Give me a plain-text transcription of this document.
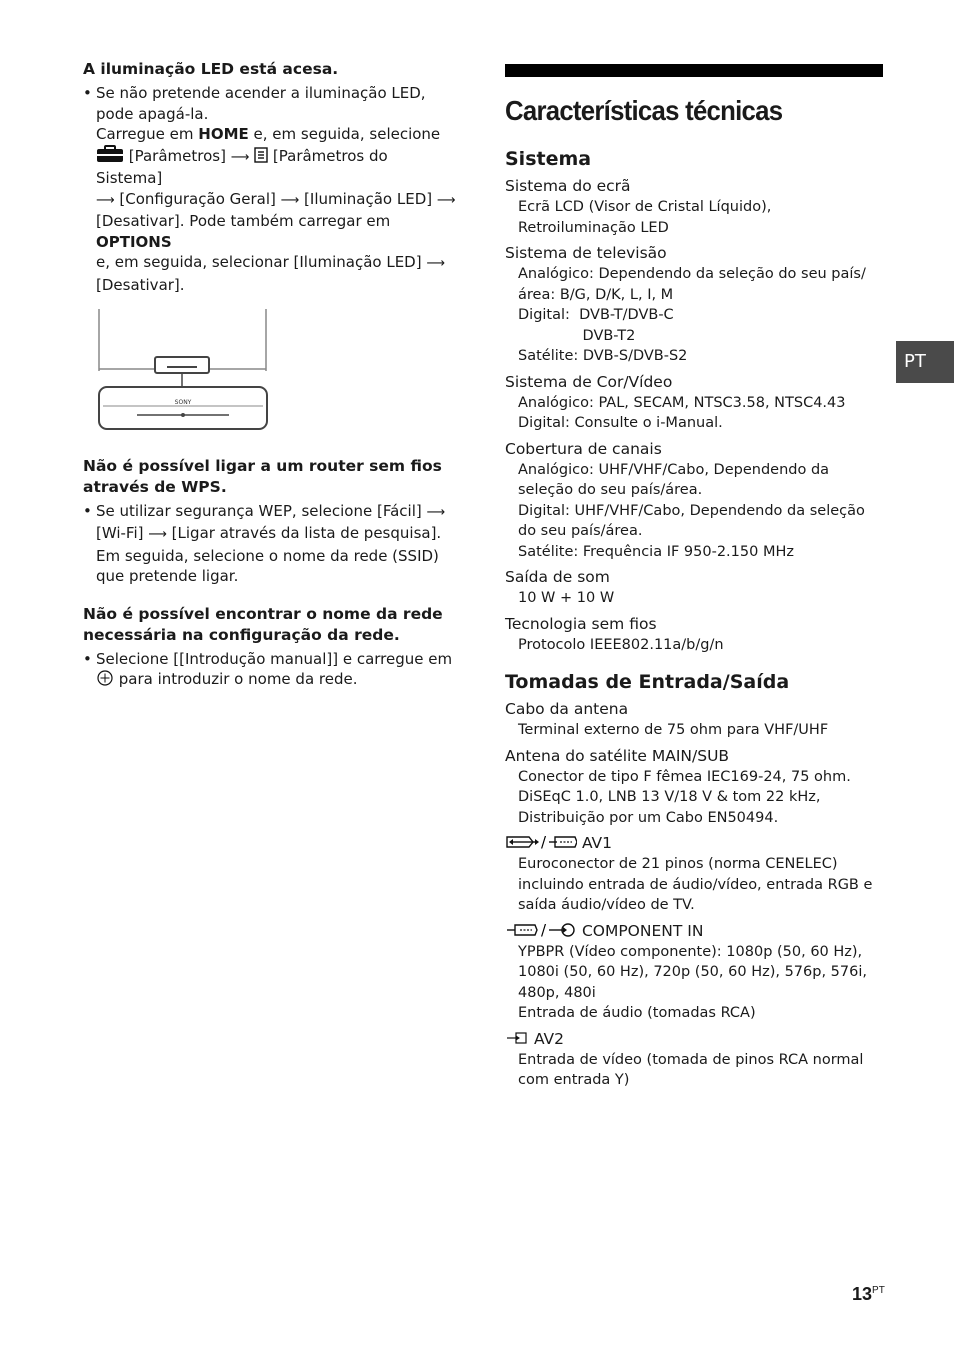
A iluminação LED está acesa.

• Se não pretende acender a iluminação LED, pode apagá-la.
Carregue em HOME e, em seguida, selecione
[Parâmetros] ⟶  [Parâmetros do Sistema]
⟶ [Configuração Geral] ⟶ [Iluminação LED] ⟶
[Desativar]. Pode também carregar em OPTIONS
e, em seguida, selecionar [Iluminação LED] ⟶
[Desativar].
SONY

Não é possível ligar a um router sem fios através de WPS.

• Se utilizar segurança WEP, selecione [Fácil] ⟶
[Wi-Fi] ⟶ [Ligar através da lista de pesquisa]. Em seguida, selecione o nome da rede (SSID) que pretende ligar.

Não é possível encontrar o nome da rede necessária na configuração da rede.

• Selecione [[Introdução manual]] e carregue em
para introduzir o nome da rede.
Características técnicas
Sistema
Sistema do ecrã
Ecrã LCD (Visor de Cristal Líquido),
Retroiluminação LED
Sistema de televisão
Analógico: Dependendo da seleção do seu país/
área: B/G, D/K, L, I, M
Digital:  DVB-T/DVB-C
DVB-T2
Satélite: DVB-S/DVB-S2
Sistema de Cor/Vídeo
Analógico: PAL, SECAM, NTSC3.58, NTSC4.43
Digital: Consulte o i-Manual.
Cobertura de canais
Analógico: UHF/VHF/Cabo, Dependendo da
seleção do seu país/área.
Digital: UHF/VHF/Cabo, Dependendo da seleção
do seu país/área.
Satélite: Frequência IF 950-2.150 MHz
Saída de som
10 W + 10 W
Tecnologia sem fios
Protocolo IEEE802.11a/b/g/n
Tomadas de Entrada/Saída
Cabo da antena
Terminal externo de 75 ohm para VHF/UHF
Antena do satélite MAIN/SUB
Conector de tipo F fêmea IEC169-24, 75 ohm.
DiSEqC 1.0, LNB 13 V/18 V & tom 22 kHz,
Distribuição por um Cabo EN50494.
/ AV1
Euroconector de 21 pinos (norma CENELEC)
incluindo entrada de áudio/vídeo, entrada RGB e
saída áudio/vídeo de TV.
/ COMPONENT IN
YPBPR (Vídeo componente): 1080p (50, 60 Hz),
1080i (50, 60 Hz), 720p (50, 60 Hz), 576p, 576i,
480p, 480i
Entrada de áudio (tomadas RCA)
AV2
Entrada de vídeo (tomada de pinos RCA normal
com entrada Y)
PT
$13^{PT}$
